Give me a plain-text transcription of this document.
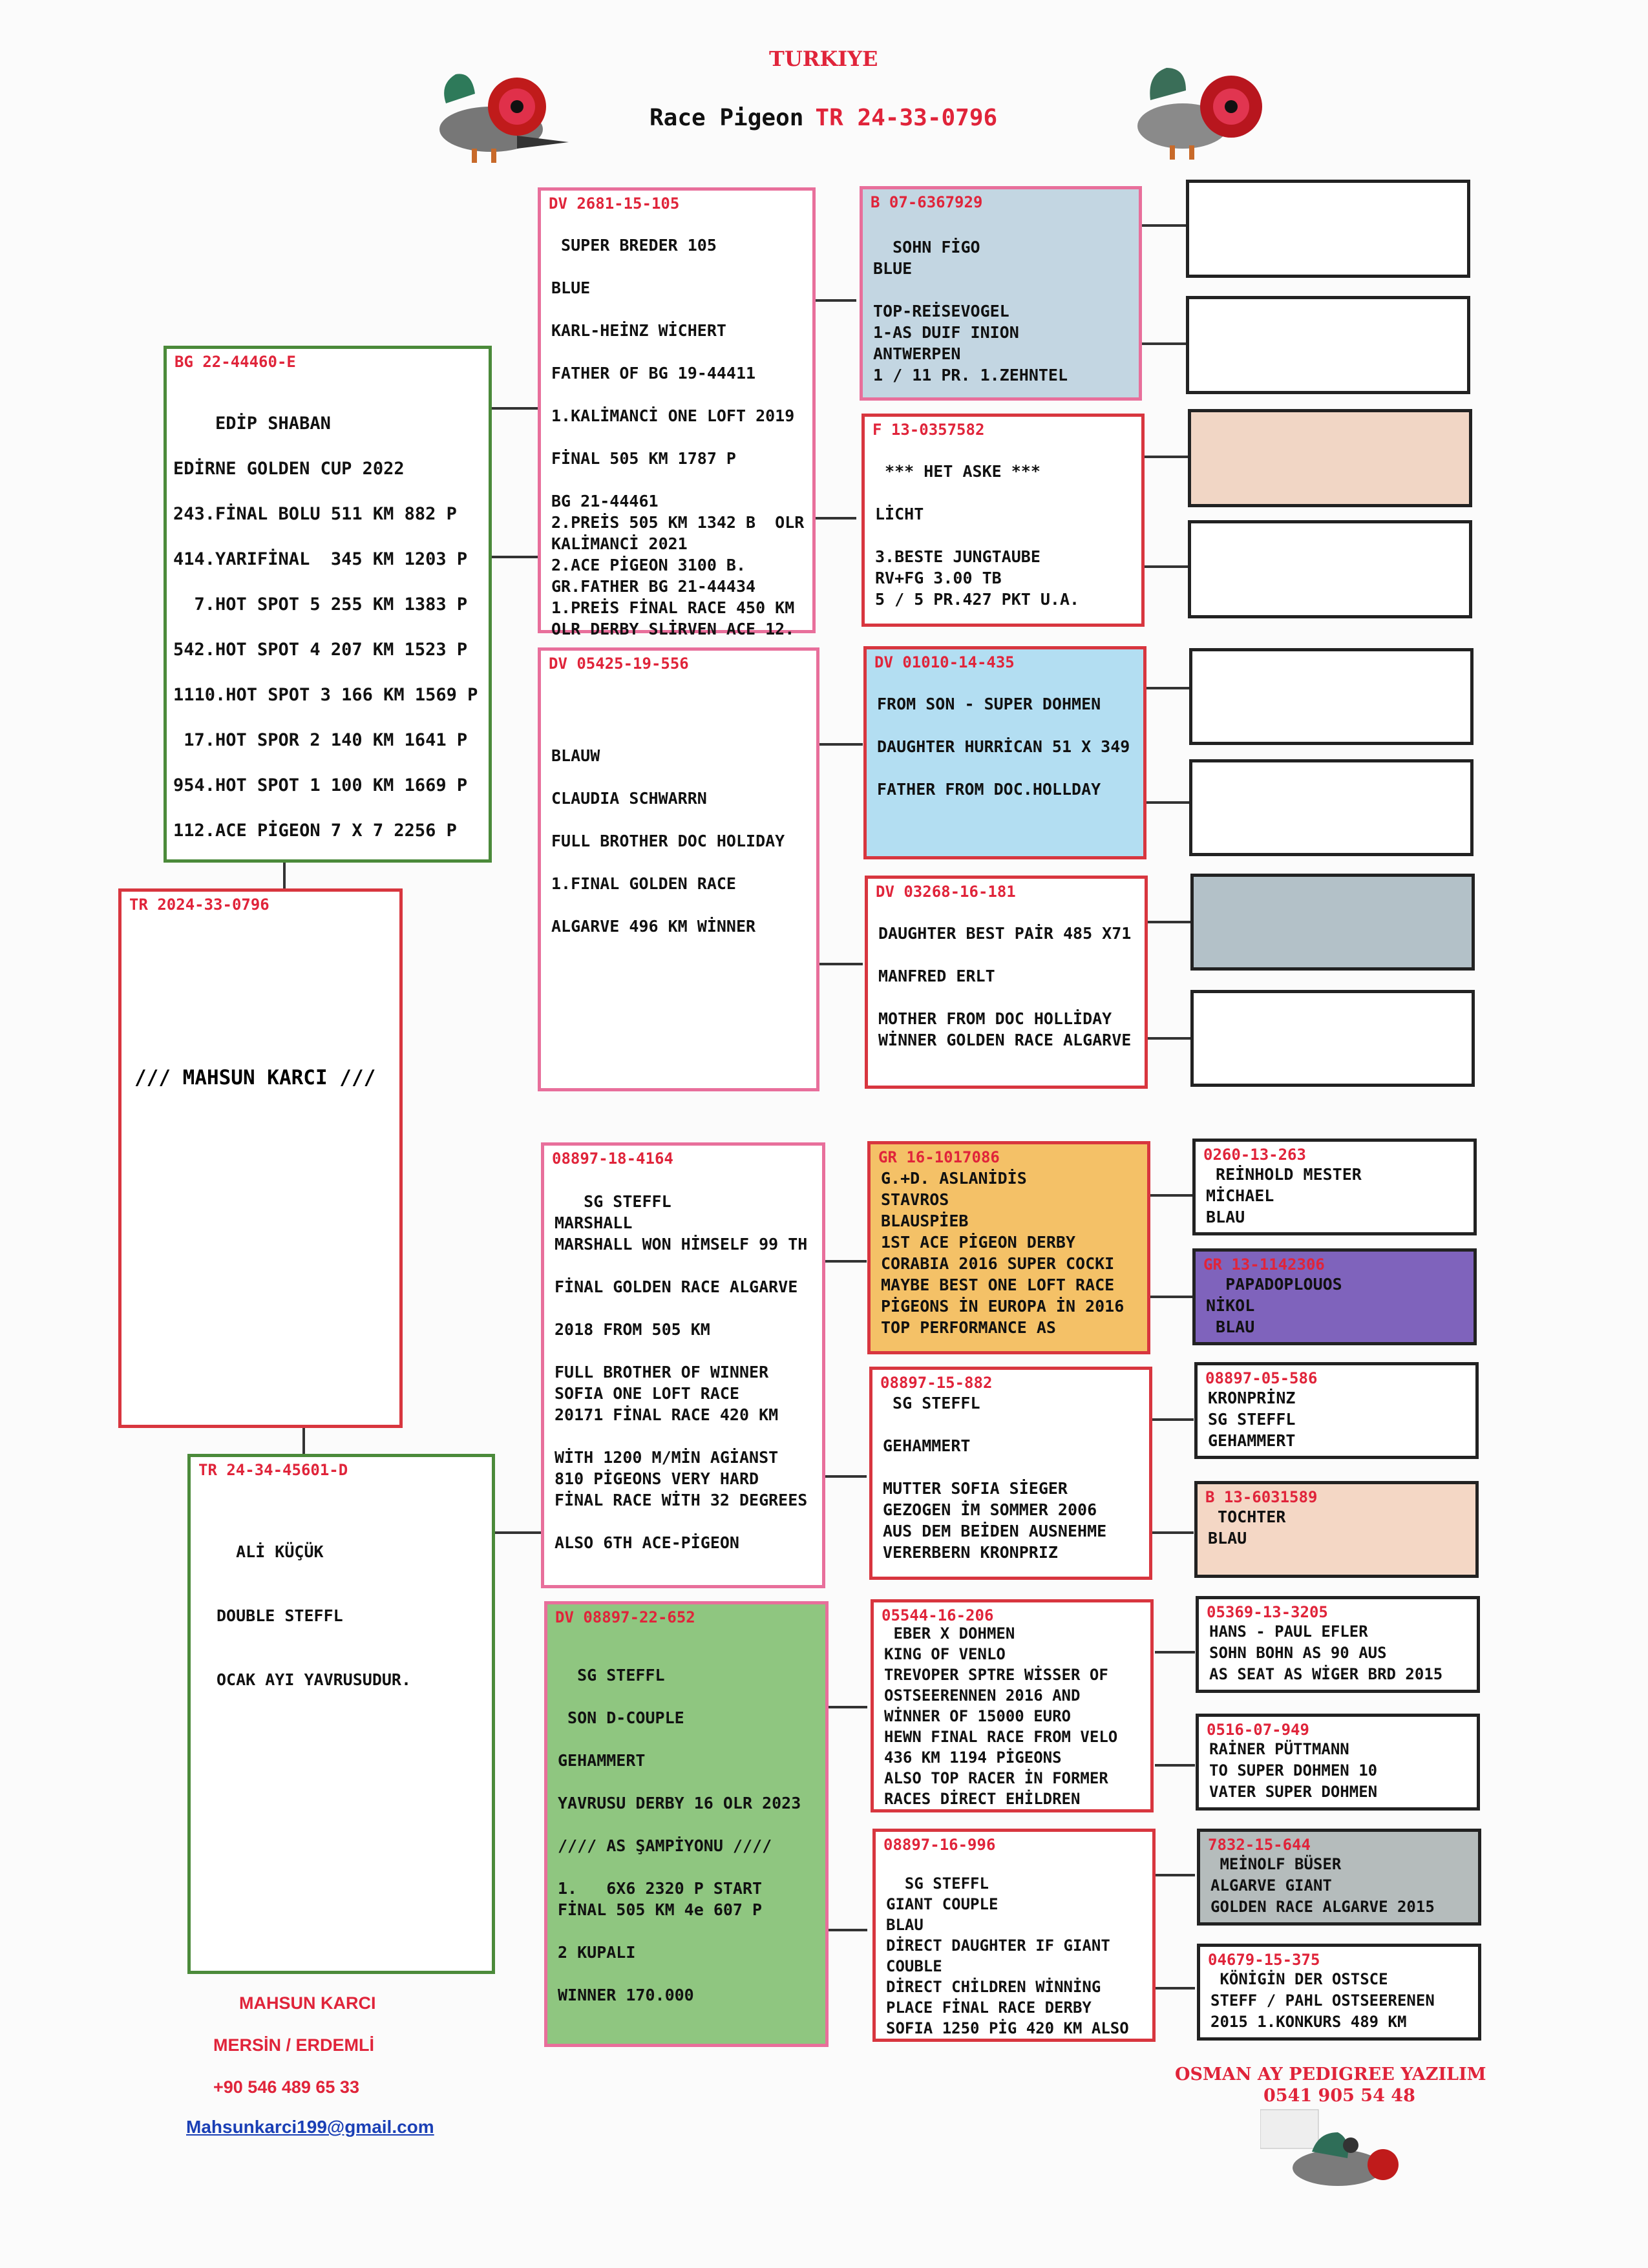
TURKIYE
Race Pigeon TR 24-33-0796
TR 2024-33-0796
/// MAHSUN KARCI ///
BG 22-44460-E
EDİP SHABAN

EDİRNE GOLDEN CUP 2022

243.FİNAL BOLU 511 KM 882 P

414.YARIFİNAL  345 KM 1203 P

7.HOT SPOT 5 255 KM 1383 P

542.HOT SPOT 4 207 KM 1523 P

1110.HOT SPOT 3 166 KM 1569 P

17.HOT SPOR 2 140 KM 1641 P

954.HOT SPOT 1 100 KM 1669 P

112.ACE PİGEON 7 X 7 2256 P
TR 24-34-45601-D
ALİ KÜÇÜK

DOUBLE STEFFL

OCAK AYI YAVRUSUDUR.
DV 2681-15-105
SUPER BREDER 105

BLUE

KARL-HEİNZ WİCHERT

FATHER OF BG 19-44411

1.KALİMANCİ ONE LOFT 2019

FİNAL 505 KM 1787 P

BG 21-44461
2.PREİS 505 KM 1342 B  OLR
KALİMANCİ 2021
2.ACE PİGEON 3100 B.
GR.FATHER BG 21-44434
1.PREİS FİNAL RACE 450 KM
OLR DERBY SLİRVEN ACE 12.
DV 05425-19-556

BLAUW

CLAUDIA SCHWARRN

FULL BROTHER DOC HOLIDAY

1.FINAL GOLDEN RACE

ALGARVE 496 KM WİNNER
08897-18-4164
SG STEFFL
MARSHALL
MARSHALL WON HİMSELF 99 TH

FİNAL GOLDEN RACE ALGARVE

2018 FROM 505 KM

FULL BROTHER OF WINNER
SOFIA ONE LOFT RACE
20171 FİNAL RACE 420 KM

WİTH 1200 M/MİN AGİANST
810 PİGEONS VERY HARD
FİNAL RACE WİTH 32 DEGREES

ALSO 6TH ACE-PİGEON
DV 08897-22-652

SG STEFFL

SON D-COUPLE

GEHAMMERT

YAVRUSU DERBY 16 OLR 2023

//// AS ŞAMPİYONU ////

1.   6X6 2320 P START
FİNAL 505 KM 4e 607 P

2 KUPALI

WINNER 170.000
B 07-6367929

SOHN FİGO
BLUE

TOP-REİSEVOGEL
1-AS DUIF INION
ANTWERPEN
1 / 11 PR. 1.ZEHNTEL
F 13-0357582

*** HET ASKE ***

LİCHT

3.BESTE JUNGTAUBE
RV+FG 3.00 TB
5 / 5 PR.427 PKT U.A.
DV 01010-14-435

FROM SON - SUPER DOHMEN

DAUGHTER HURRİCAN 51 X 349

FATHER FROM DOC.HOLLDAY
DV 03268-16-181

DAUGHTER BEST PAİR 485 X71

MANFRED ERLT

MOTHER FROM DOC HOLLİDAY
WİNNER GOLDEN RACE ALGARVE
GR 16-1017086
G.+D. ASLANİDİS
STAVROS
BLAUSPİEB
1ST ACE PİGEON DERBY
CORABIA 2016 SUPER COCKI
MAYBE BEST ONE LOFT RACE
PİGEONS İN EUROPA İN 2016
TOP PERFORMANCE AS
08897-15-882
SG STEFFL

GEHAMMERT

MUTTER SOFIA SİEGER
GEZOGEN İM SOMMER 2006
AUS DEM BEİDEN AUSNEHME
VERERBERN KRONPRIZ
05544-16-206
EBER X DOHMEN
KING OF VENLO
TREVOPER SPTRE WİSSER OF
OSTSEERENNEN 2016 AND
WİNNER OF 15000 EURO
HEWN FINAL RACE FROM VELO
436 KM 1194 PİGEONS
ALSO TOP RACER İN FORMER
RACES DİRECT EHİLDREN
08897-16-996

SG STEFFL
GIANT COUPLE
BLAU
DİRECT DAUGHTER IF GIANT
COUBLE
DİRECT CHİLDREN WİNNİNG
PLACE FİNAL RACE DERBY
SOFIA 1250 PİG 420 KM ALSO
0260-13-263
REİNHOLD MESTER
MİCHAEL
BLAU
GR 13-1142306
PAPADOPLOUOS
NİKOL
BLAU
08897-05-586
KRONPRİNZ
SG STEFFL
GEHAMMERT
B 13-6031589
TOCHTER
BLAU
05369-13-3205
HANS - PAUL EFLER
SOHN BOHN AS 90 AUS
AS SEAT AS WİGER BRD 2015
0516-07-949
RAİNER PÜTTMANN
TO SUPER DOHMEN 10
VATER SUPER DOHMEN
7832-15-644
MEİNOLF BÜSER
ALGARVE GIANT
GOLDEN RACE ALGARVE 2015
04679-15-375
KÖNİGİN DER OSTSCE
STEFF / PAHL OSTSEERENEN
2015 1.KONKURS 489 KM
MAHSUN KARCI
MERSİN / ERDEMLİ
+90 546 489 65 33
Mahsunkarci199@gmail.com
OSMAN AY PEDIGREE YAZILIM
0541 905 54 48
